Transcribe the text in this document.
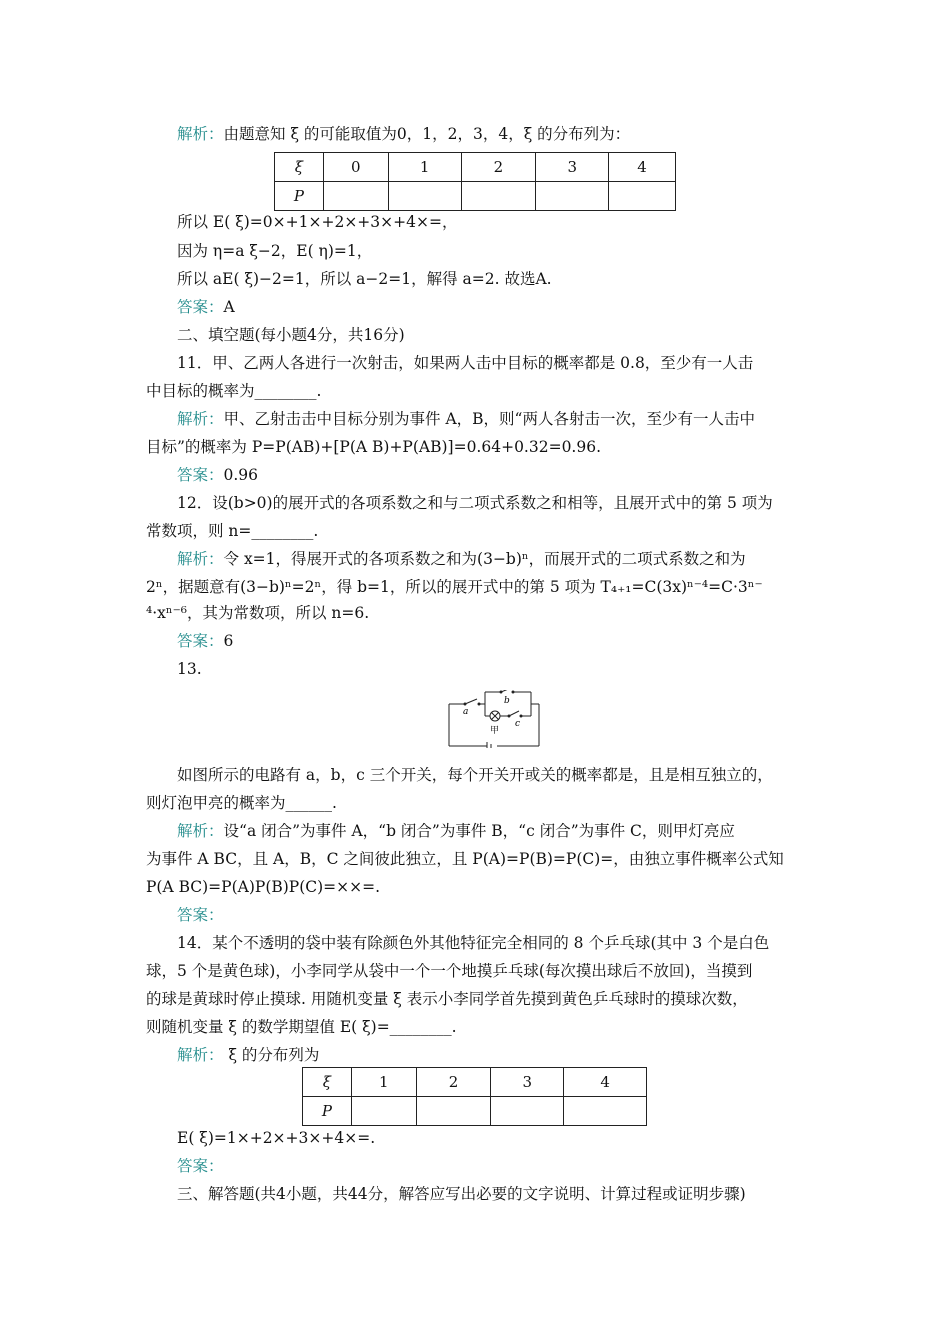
解析：由题意知 ξ 的可能取值为0，1，2，3，4，ξ 的分布列为：
ξ	0	1	2	3	4
P					
所以 E( ξ)=0×+1×+2×+3×+4×=，
因为 η=a ξ−2，E( η)=1，
所以 aE( ξ)−2=1，所以 a−2=1，解得 a=2. 故选A.
答案：A
二、填空题(每小题4分，共16分)
11．甲、乙两人各进行一次射击，如果两人击中目标的概率都是 0.8，至少有一人击
中目标的概率为________.
解析：甲、乙射击击中目标分别为事件 A，B，则“两人各射击一次，至少有一人击中
目标”的概率为 P=P(AB)+[P(A B)+P(AB)]=0.64+0.32=0.96.
答案：0.96
12．设(b>0)的展开式的各项系数之和与二项式系数之和相等，且展开式中的第 5 项为
常数项，则 n=________.
解析：令 x=1，得展开式的各项系数之和为(3−b)ⁿ，而展开式的二项式系数之和为
2ⁿ，据题意有(3−b)ⁿ=2ⁿ，得 b=1，所以的展开式中的第 5 项为 T₄₊₁=C(3x)ⁿ⁻⁴=C·3ⁿ⁻
⁴·xⁿ⁻⁶，其为常数项，所以 n=6.
答案：6
13.
a
b
c
甲
如图所示的电路有 a，b，c 三个开关，每个开关开或关的概率都是，且是相互独立的，
则灯泡甲亮的概率为______.
解析：设“a 闭合”为事件 A，“b 闭合”为事件 B，“c 闭合”为事件 C，则甲灯亮应
为事件 A BC，且 A，B，C 之间彼此独立，且 P(A)=P(B)=P(C)=，由独立事件概率公式知
P(A BC)=P(A)P(B)P(C)=××=.
答案：
14．某个不透明的袋中装有除颜色外其他特征完全相同的 8 个乒乓球(其中 3 个是白色
球，5 个是黄色球)，小李同学从袋中一个一个地摸乒乓球(每次摸出球后不放回)，当摸到
的球是黄球时停止摸球. 用随机变量 ξ 表示小李同学首先摸到黄色乒乓球时的摸球次数，
则随机变量 ξ 的数学期望值 E( ξ)=________.
解析： ξ 的分布列为
ξ	1	2	3	4
P				
E( ξ)=1×+2×+3×+4×=.
答案：
三、解答题(共4小题，共44分，解答应写出必要的文字说明、计算过程或证明步骤)
